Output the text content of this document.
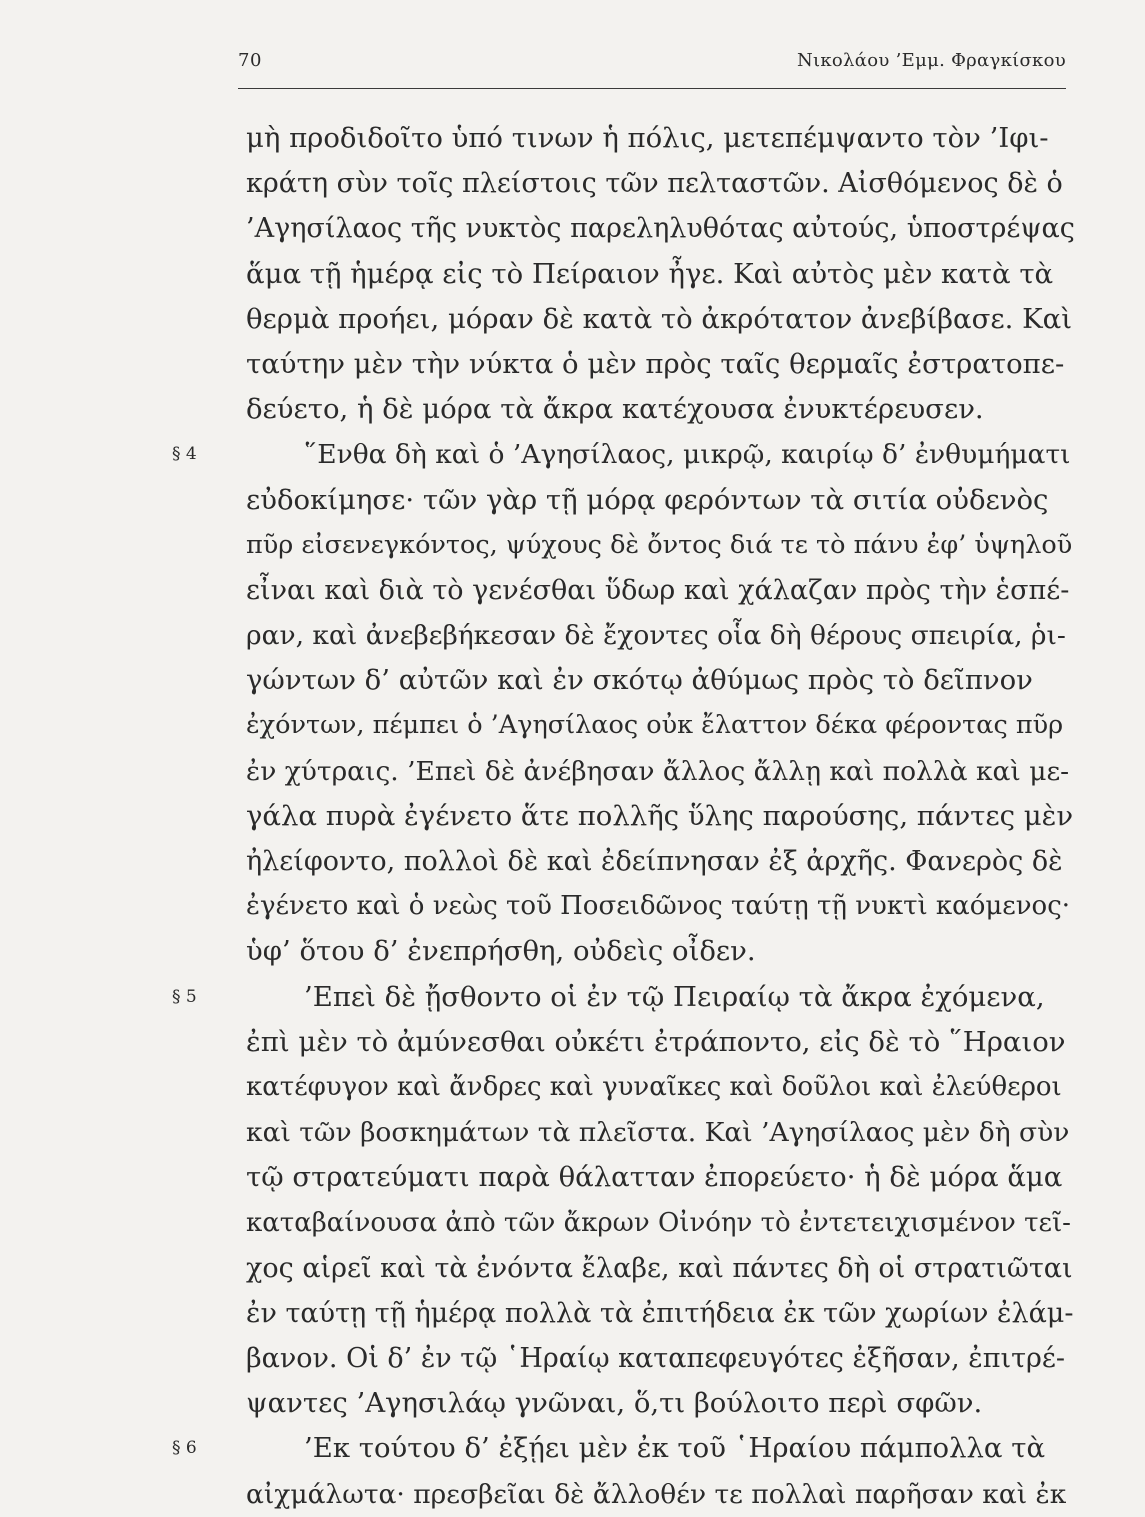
70	Νικολάου ’Εμμ. Φραγκίσκου
μὴ προδιδοῖτο ὑπό τινων ἡ πόλις, μετεπέμψαντο τὸν ’Ιφι-
κράτη σὺν τοῖς πλείστοις τῶν πελταστῶν. Αἰσθόμενος δὲ ὁ
’Αγησίλαος τῆς νυκτὸς παρεληλυθότας αὐτούς, ὑποστρέψας
ἅμα τῇ ἡμέρᾳ εἰς τὸ Πείραιον ἦγε. Καὶ αὐτὸς μὲν κατὰ τὰ
θερμὰ προήει, μόραν δὲ κατὰ τὸ ἀκρότατον ἀνεβίβασε. Καὶ
ταύτην μὲν τὴν νύκτα ὁ μὲν πρὸς ταῖς θερμαῖς ἐστρατοπε-
δεύετο, ἡ δὲ μόρα τὰ ἄκρα κατέχουσα ἐνυκτέρευσεν.
§ 4	῞Ενθα δὴ καὶ ὁ ’Αγησίλαος, μικρῷ, καιρίῳ δ’ ἐνθυμήματι
εὐδοκίμησε· τῶν γὰρ τῇ μόρᾳ φερόντων τὰ σιτία οὐδενὸς
πῦρ εἰσενεγκόντος, ψύχους δὲ ὄντος διά τε τὸ πάνυ ἐφ’ ὑψηλοῦ
εἶναι καὶ διὰ τὸ γενέσθαι ὕδωρ καὶ χάλαζαν πρὸς τὴν ἑσπέ-
ραν, καὶ ἀνεβεβήκεσαν δὲ ἔχοντες οἷα δὴ θέρους σπειρία, ῥι-
γώντων δ’ αὐτῶν καὶ ἐν σκότῳ ἀθύμως πρὸς τὸ δεῖπνον
ἐχόντων, πέμπει ὁ ’Αγησίλαος οὐκ ἔλαττον δέκα φέροντας πῦρ
ἐν χύτραις. ’Επεὶ δὲ ἀνέβησαν ἄλλος ἄλλῃ καὶ πολλὰ καὶ με-
γάλα πυρὰ ἐγένετο ἅτε πολλῆς ὕλης παρούσης, πάντες μὲν
ἠλείφοντο, πολλοὶ δὲ καὶ ἐδείπνησαν ἐξ ἀρχῆς. Φανερὸς δὲ
ἐγένετο καὶ ὁ νεὼς τοῦ Ποσειδῶνος ταύτῃ τῇ νυκτὶ καόμενος·
ὑφ’ ὅτου δ’ ἐνεπρήσθη, οὐδεὶς οἶδεν.
§ 5	’Επεὶ δὲ ᾔσθοντο οἱ ἐν τῷ Πειραίῳ τὰ ἄκρα ἐχόμενα,
ἐπὶ μὲν τὸ ἀμύνεσθαι οὐκέτι ἐτράποντο, εἰς δὲ τὸ ῞Ηραιον
κατέφυγον καὶ ἄνδρες καὶ γυναῖκες καὶ δοῦλοι καὶ ἐλεύθεροι
καὶ τῶν βοσκημάτων τὰ πλεῖστα. Καὶ ’Αγησίλαος μὲν δὴ σὺν
τῷ στρατεύματι παρὰ θάλατταν ἐπορεύετο· ἡ δὲ μόρα ἅμα
καταβαίνουσα ἀπὸ τῶν ἄκρων Οἰνόην τὸ ἐντετειχισμένον τεῖ-
χος αἱρεῖ καὶ τὰ ἐνόντα ἔλαβε, καὶ πάντες δὴ οἱ στρατιῶται
ἐν ταύτῃ τῇ ἡμέρᾳ πολλὰ τὰ ἐπιτήδεια ἐκ τῶν χωρίων ἐλάμ-
βανον. Οἱ δ’ ἐν τῷ ῾Ηραίῳ καταπεφευγότες ἐξῆσαν, ἐπιτρέ-
ψαντες ’Αγησιλάῳ γνῶναι, ὅ,τι βούλοιτο περὶ σφῶν.
§ 6	’Εκ τούτου δ’ ἐξῄει μὲν ἐκ τοῦ ῾Ηραίου πάμπολλα τὰ
αἰχμάλωτα· πρεσβεῖαι δὲ ἄλλοθέν τε πολλαὶ παρῆσαν καὶ ἐκ
